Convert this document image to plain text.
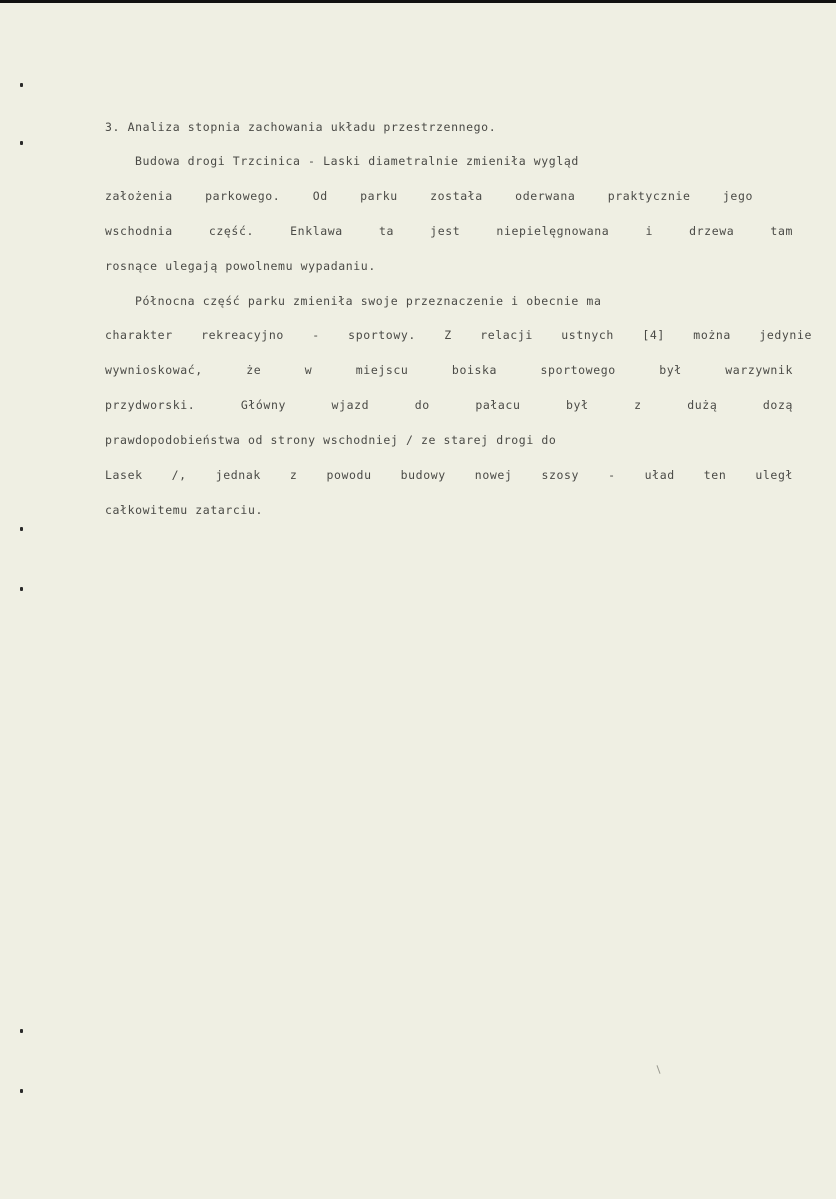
3. Analiza stopnia zachowania układu przestrzennego.
Budowa drogi Trzcinica - Laski diametralnie zmieniła wygląd
założenia parkowego. Od parku została oderwana praktycznie jego
wschodnia część. Enklawa ta jest niepielęgnowana i drzewa tam
rosnące ulegają powolnemu wypadaniu.
Północna część parku zmieniła swoje przeznaczenie i obecnie ma
charakter rekreacyjno - sportowy. Z relacji ustnych [4] można jedynie
wywnioskować, że w miejscu boiska sportowego był warzywnik
przydworski. Główny wjazd do pałacu był z dużą dozą
prawdopodobieństwa od strony wschodniej / ze starej drogi do
Lasek /, jednak z powodu budowy nowej szosy - uład ten uległ
całkowitemu zatarciu.
